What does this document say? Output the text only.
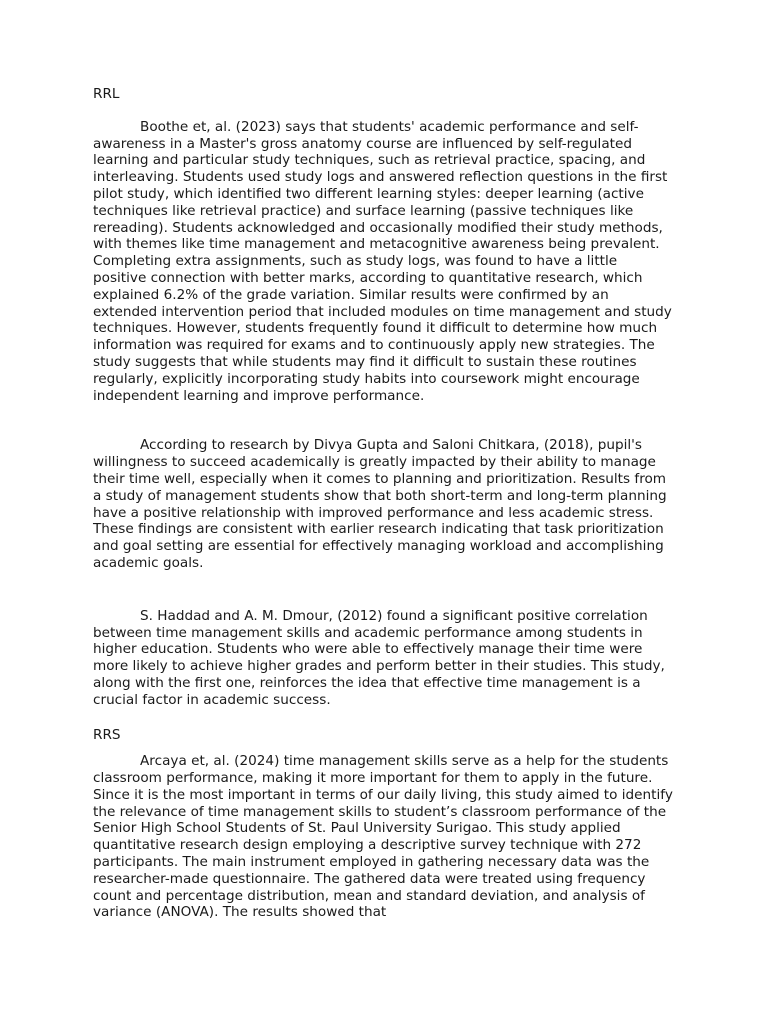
RRL

Boothe et, al. (2023) says that students' academic performance and self-awareness in a Master's gross anatomy course are influenced by self-regulated learning and particular study techniques, such as retrieval practice, spacing, and interleaving. Students used study logs and answered reflection questions in the first pilot study, which identified two different learning styles: deeper learning (active techniques like retrieval practice) and surface learning (passive techniques like rereading). Students acknowledged and occasionally modified their study methods, with themes like time management and metacognitive awareness being prevalent.

Completing extra assignments, such as study logs, was found to have a little positive connection with better marks, according to quantitative research, which explained 6.2% of the grade variation. Similar results were confirmed by an extended intervention period that included modules on time management and study techniques. However, students frequently found it difficult to determine how much information was required for exams and to continuously apply new strategies. The study suggests that while students may find it difficult to sustain these routines regularly, explicitly incorporating study habits into coursework might encourage independent learning and improve performance.

According to research by Divya Gupta and Saloni Chitkara, (2018), pupil's willingness to succeed academically is greatly impacted by their ability to manage their time well, especially when it comes to planning and prioritization. Results from a study of management students show that both short-term and long-term planning have a positive relationship with improved performance and less academic stress. These findings are consistent with earlier research indicating that task prioritization and goal setting are essential for effectively managing workload and accomplishing academic goals.

S. Haddad and A. M. Dmour, (2012) found a significant positive correlation between time management skills and academic performance among students in higher education. Students who were able to effectively manage their time were more likely to achieve higher grades and perform better in their studies. This study, along with the first one, reinforces the idea that effective time management is a crucial factor in academic success.

RRS

Arcaya et, al. (2024) time management skills serve as a help for the students classroom performance, making it more important for them to apply in the future. Since it is the most important in terms of our daily living, this study aimed to identify the relevance of time management skills to student’s classroom performance of the Senior High School Students of St. Paul University Surigao. This study applied quantitative research design employing a descriptive survey technique with 272 participants. The main instrument employed in gathering necessary data was the researcher-made questionnaire. The gathered data were treated using frequency count and percentage distribution, mean and standard deviation, and analysis of variance (ANOVA). The results showed that
